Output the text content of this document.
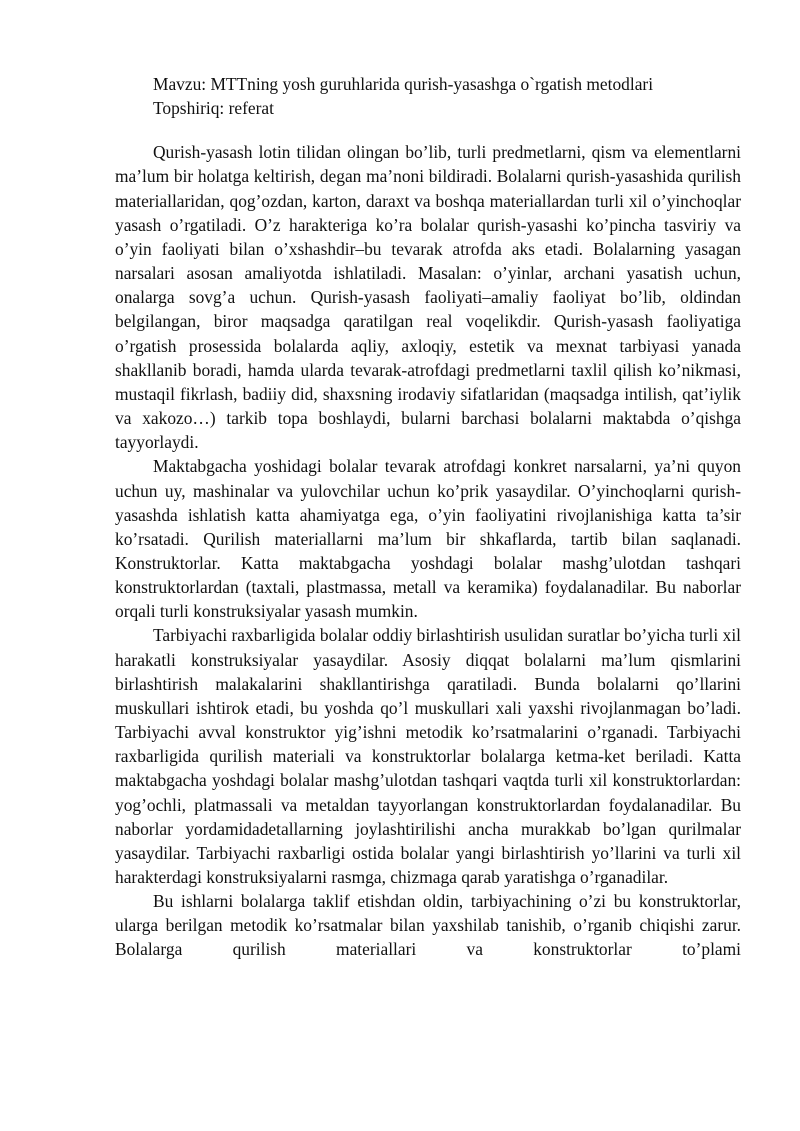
Mavzu: MTTning yosh guruhlarida qurish-yasashga o`rgatish metodlari

Topshiriq: referat

Qurish-yasash lotin tilidan olingan bo’lib, turli predmetlarni, qism va elementlarni ma’lum bir holatga keltirish, degan ma’noni bildiradi. Bolalarni qurish-yasashida qurilish materiallaridan, qog’ozdan, karton, daraxt va boshqa materiallardan turli xil o’yinchoqlar yasash o’rgatiladi. O’z harakteriga ko’ra bolalar qurish-yasashi ko’pincha tasviriy va o’yin faoliyati bilan o’xshashdir–bu tevarak atrofda aks etadi. Bolalarning yasagan narsalari asosan amaliyotda ishlatiladi. Masalan: o’yinlar, archani yasatish uchun, onalarga sovg’a uchun. Qurish-yasash faoliyati–amaliy faoliyat bo’lib, oldindan belgilangan, biror maqsadga qaratilgan real voqelikdir. Qurish-yasash faoliyatiga o’rgatish prosessida bolalarda aqliy, axloqiy, estetik va mexnat tarbiyasi yanada shakllanib boradi, hamda ularda tevarak-atrofdagi predmetlarni taxlil qilish ko’nikmasi, mustaqil fikrlash, badiiy did, shaxsning irodaviy sifatlaridan (maqsadga intilish, qat’iylik va xakozo…) tarkib topa boshlaydi, bularni barchasi bolalarni maktabda o’qishga tayyorlaydi.

Maktabgacha yoshidagi bolalar tevarak atrofdagi konkret narsalarni, ya’ni quyon uchun uy, mashinalar va yulovchilar uchun ko’prik yasaydilar. O’yinchoqlarni qurish-yasashda ishlatish katta ahamiyatga ega, o’yin faoliyatini rivojlanishiga katta ta’sir ko’rsatadi. Qurilish materiallarni ma’lum bir shkaflarda, tartib bilan saqlanadi. Konstruktorlar. Katta maktabgacha yoshdagi bolalar mashg’ulotdan tashqari konstruktorlardan (taxtali, plastmassa, metall va keramika) foydalanadilar. Bu naborlar orqali turli konstruksiyalar yasash mumkin.

Tarbiyachi raxbarligida bolalar oddiy birlashtirish usulidan suratlar bo’yicha turli xil harakatli konstruksiyalar yasaydilar. Asosiy diqqat bolalarni ma’lum qismlarini birlashtirish malakalarini shakllantirishga qaratiladi. Bunda bolalarni qo’llarini muskullari ishtirok etadi, bu yoshda qo’l muskullari xali yaxshi rivojlanmagan bo’ladi. Tarbiyachi avval konstruktor yig’ishni metodik ko’rsatmalarini o’rganadi. Tarbiyachi raxbarligida qurilish materiali va konstruktorlar bolalarga ketma-ket beriladi. Katta maktabgacha yoshdagi bolalar mashg’ulotdan tashqari vaqtda turli xil konstruktorlardan: yog’ochli, platmassali va metaldan tayyorlangan konstruktorlardan foydalanadilar. Bu naborlar yordamidadetallarning joylashtirilishi ancha murakkab bo’lgan qurilmalar yasaydilar. Tarbiyachi raxbarligi ostida bolalar yangi birlashtirish yo’llarini va turli xil harakterdagi konstruksiyalarni rasmga, chizmaga qarab yaratishga o’rganadilar.

Bu ishlarni bolalarga taklif etishdan oldin, tarbiyachining o’zi bu konstruktorlar, ularga berilgan metodik ko’rsatmalar bilan yaxshilab tanishib, o’rganib chiqishi zarur. Bolalarga qurilish materiallari va konstruktorlar to’plami
